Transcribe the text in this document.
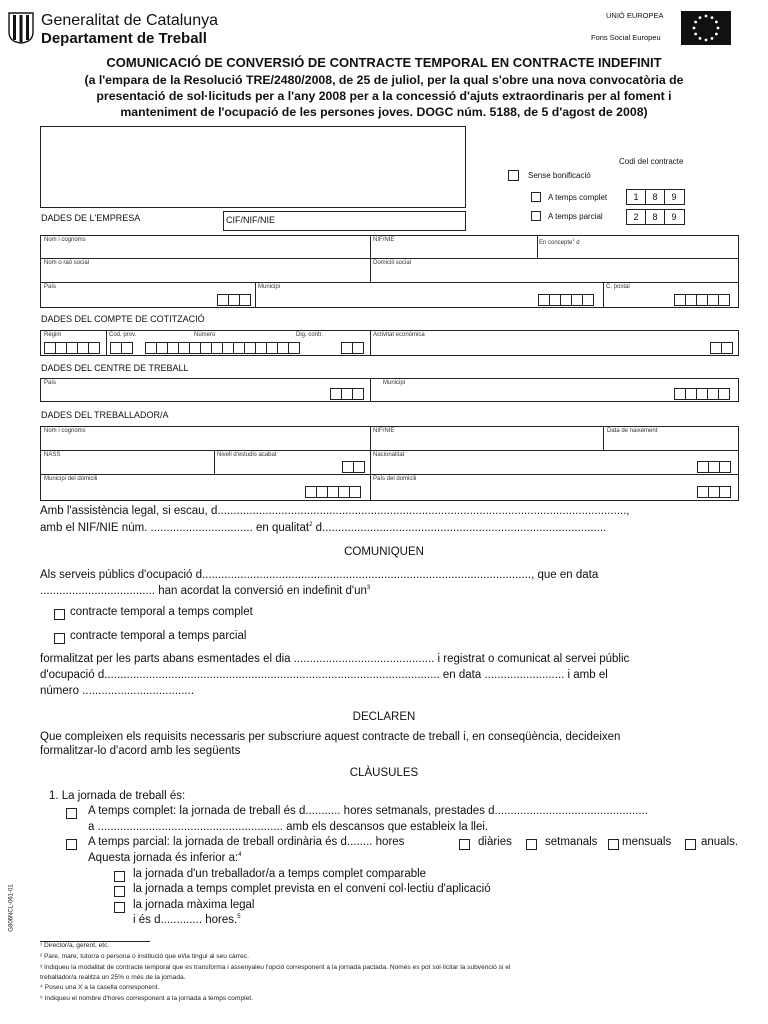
Generalitat de Catalunya
Departament de Treball
UNIÓ EUROPEA
Fons Social Europeu
COMUNICACIÓ DE CONVERSIÓ DE CONTRACTE TEMPORAL EN CONTRACTE INDEFINIT
(a l'empara de la Resolució TRE/2480/2008, de 25 de juliol, per la qual s'obre una nova convocatòria de
presentació de sol·licituds per a l'any 2008 per a la concessió d'ajuts extraordinaris per al foment i
manteniment de l'ocupació de les persones joves. DOGC núm. 5188, de 5 d'agost de 2008)
Codi del contracte
Sense bonificació
A temps complet	1	8	9
A temps parcial	2	8	9
DADES DE L'EMPRESA	CIF/NIF/NIE
Nom i cognoms	NIF/NIE	En concepte$^1$ d
Nom o raó social	Domicili social
País	Municipi	C. postal
DADES DEL COMPTE DE COTITZACIÓ
Règim	Cod. prov.	Número	Dig. contr.	Activitat econòmica
DADES DEL CENTRE DE TREBALL
País	Municipi
DADES DEL TREBALLADOR/A
Nom i cognoms	NIF/NIE	Data de naixement
NASS	Nivell d'estudis acabat	Nacionalitat
Municipi del domicili	País del domicili
Amb l'assistència legal, si escau, d................................................................................................................................,
amb el NIF/NIE núm. ................................ en qualitat$^2$ d.........................................................................................
COMUNIQUEN
Als serveis públics d'ocupació d......................................................................................................., que en data
.................................... han acordat la conversió en indefinit $d'un^3$
contracte temporal a temps complet
contracte temporal a temps parcial
formalitzat per les parts abans esmentades el dia ............................................ i registrat o comunicat al servei públic
d'ocupació d......................................................................................................... en data ......................... i amb el
número ...................................
DECLAREN
Que compleixen els requisits necessaris per subscriure aquest contracte de treball i, en conseqüència, decideixen
formalitzar-lo d'acord amb les següents
CLÀUSULES
1. La jornada de treball és:
A temps complet: la jornada de treball és d........... hores setmanals, prestades d................................................
a .......................................................... amb els descansos que estableix la llei.
A temps parcial: la jornada de treball ordinària és d........ hores	diàries	setmanals mensuals	anuals.
Aquesta jornada és inferior a:$^4$
la jornada d'un treballador/a a temps complet comparable
la jornada a temps complet prevista en el conveni col·lectiu d'aplicació
la jornada màxima legal
i és d............. hores.$^5$
G806NCL-061-01
¹ Director/a, gerent, etc.
² Pare, mare, tutor/a o persona o institució que el/la tingui al seu càrrec.
³ Indiqueu la modalitat de contracte temporal que es transforma i assenyaleu l'opció corresponent a la jornada pactada. Només es pot sol·licitar la subvenció si el
treballador/a realitza un 25% o més de la jornada.
⁴ Poseu una X a la casella corresponent.
⁵ Indiqueu el nombre d'hores corresponent a la jornada a temps complet.
